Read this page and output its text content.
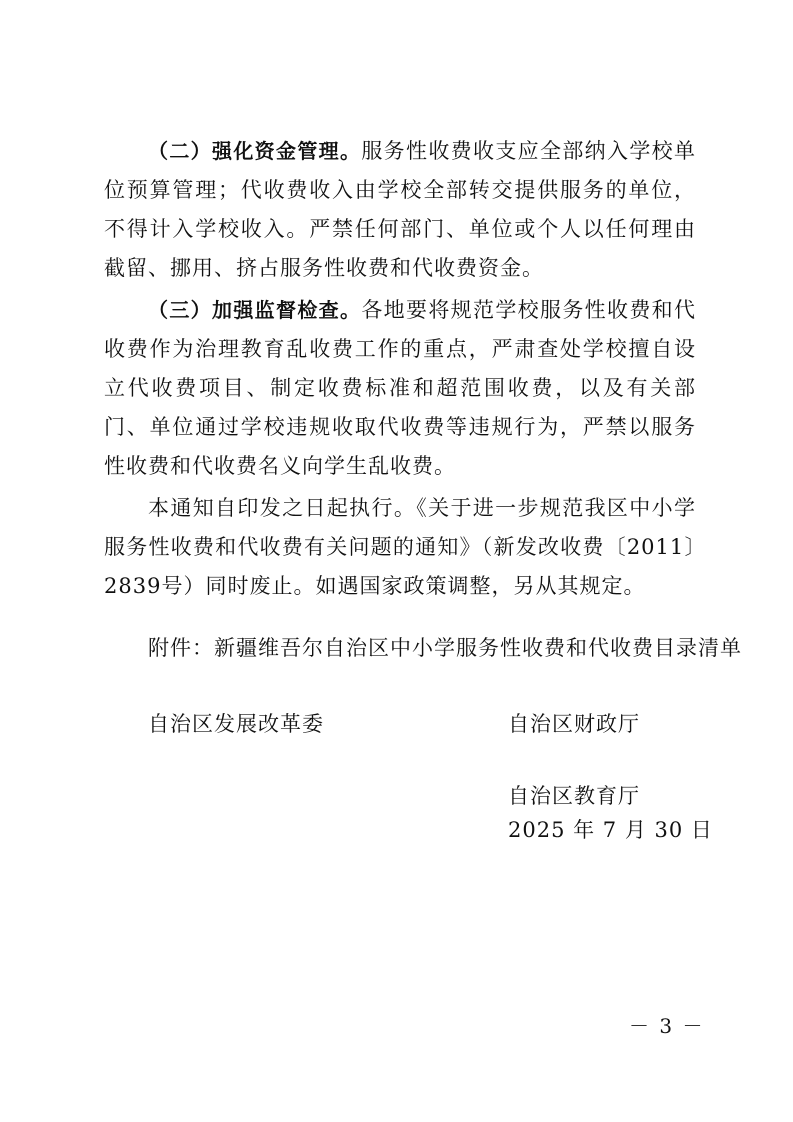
（二）强化资金管理。服务性收费收支应全部纳入学校单位预算管理；代收费收入由学校全部转交提供服务的单位，不得计入学校收入。严禁任何部门、单位或个人以任何理由截留、挪用、挤占服务性收费和代收费资金。

（三）加强监督检查。各地要将规范学校服务性收费和代收费作为治理教育乱收费工作的重点，严肃查处学校擅自设立代收费项目、制定收费标准和超范围收费，以及有关部门、单位通过学校违规收取代收费等违规行为，严禁以服务性收费和代收费名义向学生乱收费。

本通知自印发之日起执行。《关于进一步规范我区中小学服务性收费和代收费有关问题的通知》（新发改收费〔2011〕2839号）同时废止。如遇国家政策调整，另从其规定。

附件：新疆维吾尔自治区中小学服务性收费和代收费目录清单
自治区发展改革委	自治区财政厅
自治区教育厅
2025 年 7 月 30 日
－ 3 －
